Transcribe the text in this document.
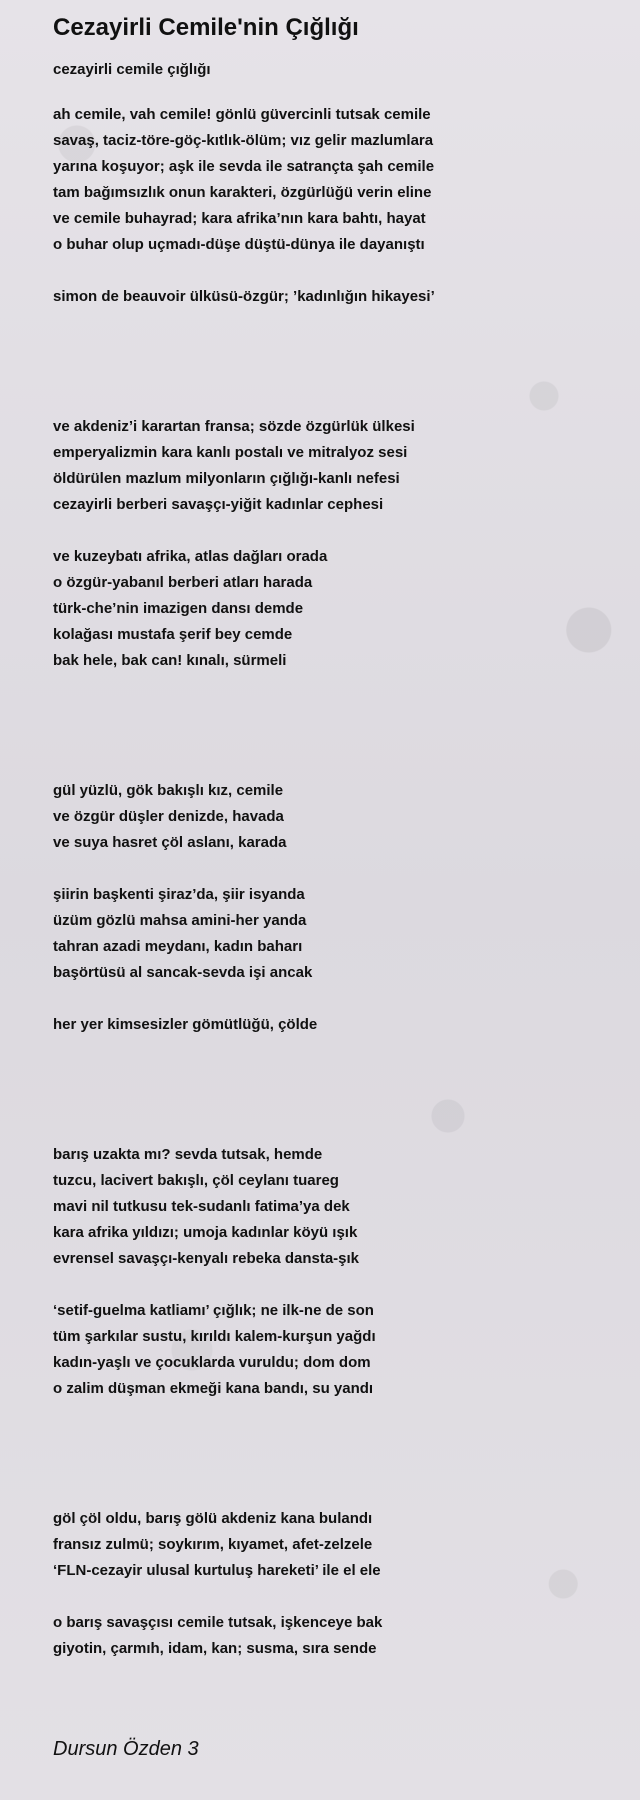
Cezayirli Cemile'nin Çığlığı
cezayirli cemile çığlığı
ah cemile, vah cemile! gönlü güvercinli tutsak cemile
savaş, taciz-töre-göç-kıtlık-ölüm; vız gelir mazlumlara
yarına koşuyor; aşk ile sevda ile satrançta şah cemile
tam bağımsızlık onun karakteri, özgürlüğü verin eline
ve cemile buhayrad; kara afrika’nın kara bahtı, hayat
o buhar olup uçmadı-düşe düştü-dünya ile dayanıştı
simon de beauvoir ülküsü-özgür; ’kadınlığın hikayesi’
ve akdeniz’i karartan fransa; sözde özgürlük ülkesi
emperyalizmin kara kanlı postalı ve mitralyoz sesi
öldürülen mazlum milyonların çığlığı-kanlı nefesi
cezayirli berberi savaşçı-yiğit kadınlar cephesi
ve kuzeybatı afrika, atlas dağları orada
o özgür-yabanıl berberi atları harada
türk-che’nin imazigen dansı demde
kolağası mustafa şerif bey cemde
bak hele, bak can! kınalı, sürmeli
gül yüzlü, gök bakışlı kız, cemile
ve özgür düşler denizde, havada
ve suya hasret çöl aslanı, karada
şiirin başkenti şiraz’da, şiir isyanda
üzüm gözlü mahsa amini-her yanda
tahran azadi meydanı, kadın baharı
başörtüsü al sancak-sevda işi ancak
her yer kimsesizler gömütlüğü, çölde
barış uzakta mı? sevda tutsak, hemde
tuzcu, lacivert bakışlı, çöl ceylanı tuareg
mavi nil tutkusu tek-sudanlı fatima’ya dek
kara afrika yıldızı; umoja kadınlar köyü ışık
evrensel savaşçı-kenyalı rebeka dansta-şık
‘setif-guelma katliamı’ çığlık; ne ilk-ne de son
tüm şarkılar sustu, kırıldı kalem-kurşun yağdı
kadın-yaşlı ve çocuklarda vuruldu; dom dom
o zalim düşman ekmeği kana bandı, su yandı
göl çöl oldu, barış gölü akdeniz kana bulandı
fransız zulmü; soykırım, kıyamet, afet-zelzele
‘FLN-cezayir ulusal kurtuluş hareketi’ ile el ele
o barış savaşçısı cemile tutsak, işkenceye bak
giyotin, çarmıh, idam, kan; susma, sıra sende
Dursun Özden 3
